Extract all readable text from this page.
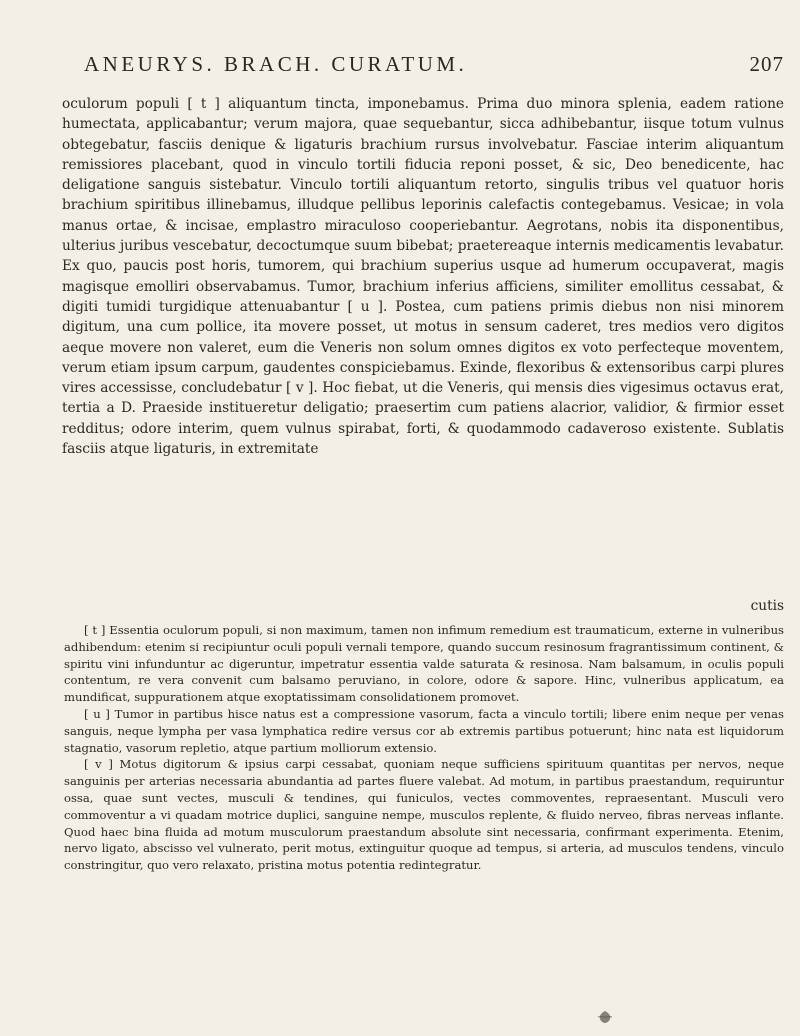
ANEURYS. BRACH. CURATUM.	207

oculorum populi [ t ] aliquantum tincta, imponebamus. Prima duo minora splenia, eadem ratione humectata, applicabantur; verum majora, quae sequebantur, sicca adhibebantur, iisque totum vulnus obtegebatur, fasciis denique & ligaturis brachium rursus involvebatur. Fasciae interim aliquantum remissiores placebant, quod in vinculo tortili fiducia reponi posset, & sic, Deo benedicente, hac deligatione sanguis sistebatur. Vinculo tortili aliquantum retorto, singulis tribus vel quatuor horis brachium spiritibus illinebamus, illudque pellibus leporinis calefactis contegebamus. Vesicae; in vola manus ortae, & incisae, emplastro miraculoso cooperiebantur. Aegrotans, nobis ita disponentibus, ulterius juribus vescebatur, decoctumque suum bibebat; praetereaque internis medicamentis levabatur. Ex quo, paucis post horis, tumorem, qui brachium superius usque ad humerum occupaverat, magis magisque emolliri observabamus. Tumor, brachium inferius afficiens, similiter emollitus cessabat, & digiti tumidi turgidique attenuabantur [ u ]. Postea, cum patiens primis diebus non nisi minorem digitum, una cum pollice, ita movere posset, ut motus in sensum caderet, tres medios vero digitos aeque movere non valeret, eum die Veneris non solum omnes digitos ex voto perfecteque moventem, verum etiam ipsum carpum, gaudentes conspiciebamus. Exinde, flexoribus & extensoribus carpi plures vires accessisse, concludebatur [ v ]. Hoc fiebat, ut die Veneris, qui mensis dies vigesimus octavus erat, tertia a D. Praeside institueretur deligatio; praesertim cum patiens alacrior, validior, & firmior esset redditus; odore interim, quem vulnus spirabat, forti, & quodammodo cadaveroso existente. Sublatis fasciis atque ligaturis, in extremitate

cutis

[ t ] Essentia oculorum populi, si non maximum, tamen non infimum remedium est traumaticum, externe in vulneribus adhibendum: etenim si recipiuntur oculi populi vernali tempore, quando succum resinosum fragrantissimum continent, & spiritu vini infunduntur ac digeruntur, impetratur essentia valde saturata & resinosa. Nam balsamum, in oculis populi contentum, re vera convenit cum balsamo peruviano, in colore, odore & sapore. Hinc, vulneribus applicatum, ea mundificat, suppurationem atque exoptatissimam consolidationem promovet.

[ u ] Tumor in partibus hisce natus est a compressione vasorum, facta a vinculo tortili; libere enim neque per venas sanguis, neque lympha per vasa lymphatica redire versus cor ab extremis partibus potuerunt; hinc nata est liquidorum stagnatio, vasorum repletio, atque partium molliorum extensio.

[ v ] Motus digitorum & ipsius carpi cessabat, quoniam neque sufficiens spirituum quantitas per nervos, neque sanguinis per arterias necessaria abundantia ad partes fluere valebat. Ad motum, in partibus praestandum, requiruntur ossa, quae sunt vectes, musculi & tendines, qui funiculos, vectes commoventes, repraesentant. Musculi vero commoventur a vi quadam motrice duplici, sanguine nempe, musculos replente, & fluido nerveo, fibras nerveas inflante. Quod haec bina fluida ad motum musculorum praestandum absolute sint necessaria, confirmant experimenta. Etenim, nervo ligato, abscisso vel vulnerato, perit motus, extinguitur quoque ad tempus, si arteria, ad musculos tendens, vinculo constringitur, quo vero relaxato, pristina motus potentia redintegratur.
